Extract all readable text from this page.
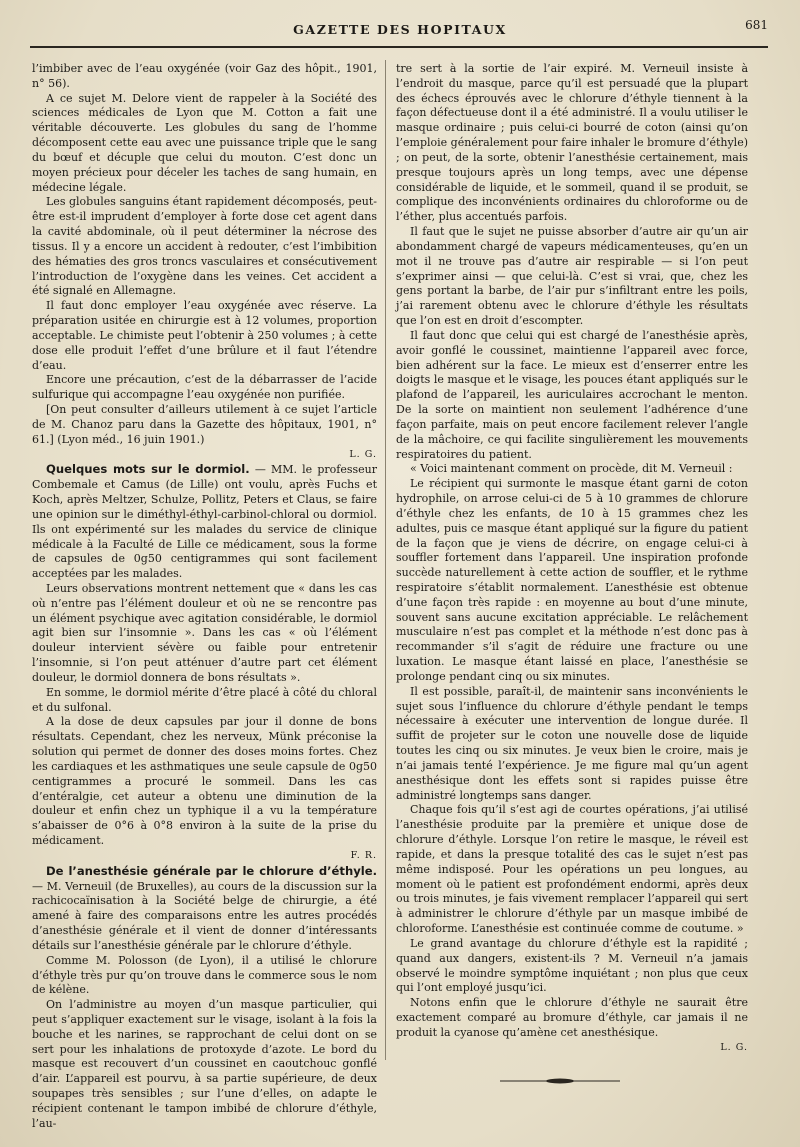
GAZETTE DES HOPITAUX	681

l’imbiber avec de l’eau oxygénée (voir Gaz des hôpit., 1901, n° 56).

A ce sujet M. Delore vient de rappeler à la Société des sciences médicales de Lyon que M. Cotton a fait une véritable découverte. Les globules du sang de l’homme décomposent cette eau avec une puissance triple que le sang du bœuf et décuple que celui du mouton. C’est donc un moyen précieux pour déceler les taches de sang humain, en médecine légale.

Les globules sanguins étant rapidement décomposés, peut-être est-il imprudent d’employer à forte dose cet agent dans la cavité abdominale, où il peut déterminer la nécrose des tissus. Il y a encore un accident à redouter, c’est l’imbibition des hématies des gros troncs vasculaires et consécutivement l’introduction de l’oxygène dans les veines. Cet accident a été signalé en Allemagne.

Il faut donc employer l’eau oxygénée avec réserve. La préparation usitée en chirurgie est à 12 volumes, proportion acceptable. Le chimiste peut l’obtenir à 250 volumes ; à cette dose elle produit l’effet d’une brûlure et il faut l’étendre d’eau.

Encore une précaution, c’est de la débarrasser de l’acide sulfurique qui accompagne l’eau oxygénée non purifiée.

[On peut consulter d’ailleurs utilement à ce sujet l’article de M. Chanoz paru dans la Gazette des hôpitaux, 1901, n° 61.] (Lyon méd., 16 juin 1901.)

L. G.

Quelques mots sur le dormiol. — MM. le professeur Combemale et Camus (de Lille) ont voulu, après Fuchs et Koch, après Meltzer, Schulze, Pollitz, Peters et Claus, se faire une opinion sur le diméthyl-éthyl-carbinol-chloral ou dormiol. Ils ont expérimenté sur les malades du service de clinique médicale à la Faculté de Lille ce médicament, sous la forme de capsules de 0g50 centigrammes qui sont facilement acceptées par les malades.

Leurs observations montrent nettement que « dans les cas où n’entre pas l’élément douleur et où ne se rencontre pas un élément psychique avec agitation considérable, le dormiol agit bien sur l’insomnie ». Dans les cas « où l’élément douleur intervient sévère ou faible pour entretenir l’insomnie, si l’on peut atténuer d’autre part cet élément douleur, le dormiol donnera de bons résultats ».

En somme, le dormiol mérite d’être placé à côté du chloral et du sulfonal.

A la dose de deux capsules par jour il donne de bons résultats. Cependant, chez les nerveux, Münk préconise la solution qui permet de donner des doses moins fortes. Chez les cardiaques et les asthmatiques une seule capsule de 0g50 centigrammes a procuré le sommeil. Dans les cas d’entéralgie, cet auteur a obtenu une diminution de la douleur et enfin chez un typhique il a vu la température s’abaisser de 0°6 à 0°8 environ à la suite de la prise du médicament.

F. R.

De l’anesthésie générale par le chlorure d’éthyle. — M. Verneuil (de Bruxelles), au cours de la discussion sur la rachicocaïnisation à la Société belge de chirurgie, a été amené à faire des comparaisons entre les autres procédés d’anesthésie générale et il vient de donner d’intéressants détails sur l’anesthésie générale par le chlorure d’éthyle.

Comme M. Polosson (de Lyon), il a utilisé le chlorure d’éthyle très pur qu’on trouve dans le commerce sous le nom de kélène.

On l’administre au moyen d’un masque particulier, qui peut s’appliquer exactement sur le visage, isolant à la fois la bouche et les narines, se rapprochant de celui dont on se sert pour les inhalations de protoxyde d’azote. Le bord du masque est recouvert d’un coussinet en caoutchouc gonflé d’air. L’appareil est pourvu, à sa partie supérieure, de deux soupapes très sensibles ; sur l’une d’elles, on adapte le récipient contenant le tampon imbibé de chlorure d’éthyle, l’au-

tre sert à la sortie de l’air expiré. M. Verneuil insiste à l’endroit du masque, parce qu’il est persuadé que la plupart des échecs éprouvés avec le chlorure d’éthyle tiennent à la façon défectueuse dont il a été administré. Il a voulu utiliser le masque ordinaire ; puis celui-ci bourré de coton (ainsi qu’on l’emploie généralement pour faire inhaler le bromure d’éthyle) ; on peut, de la sorte, obtenir l’anesthésie certainement, mais presque toujours après un long temps, avec une dépense considérable de liquide, et le sommeil, quand il se produit, se complique des inconvénients ordinaires du chloroforme ou de l’éther, plus accentués parfois.

Il faut que le sujet ne puisse absorber d’autre air qu’un air abondamment chargé de vapeurs médicamenteuses, qu’en un mot il ne trouve pas d’autre air respirable — si l’on peut s’exprimer ainsi — que celui-là. C’est si vrai, que, chez les gens portant la barbe, de l’air pur s’infiltrant entre les poils, j’ai rarement obtenu avec le chlorure d’éthyle les résultats que l’on est en droit d’escompter.

Il faut donc que celui qui est chargé de l’anesthésie après, avoir gonflé le coussinet, maintienne l’appareil avec force, bien adhérent sur la face. Le mieux est d’enserrer entre les doigts le masque et le visage, les pouces étant appliqués sur le plafond de l’appareil, les auriculaires accrochant le menton. De la sorte on maintient non seulement l’adhérence d’une façon parfaite, mais on peut encore facilement relever l’angle de la mâchoire, ce qui facilite singulièrement les mouvements respiratoires du patient.

« Voici maintenant comment on procède, dit M. Verneuil :

Le récipient qui surmonte le masque étant garni de coton hydrophile, on arrose celui-ci de 5 à 10 grammes de chlorure d’éthyle chez les enfants, de 10 à 15 grammes chez les adultes, puis ce masque étant appliqué sur la figure du patient de la façon que je viens de décrire, on engage celui-ci à souffler fortement dans l’appareil. Une inspiration profonde succède naturellement à cette action de souffler, et le rythme respiratoire s’établit normalement. L’anesthésie est obtenue d’une façon très rapide : en moyenne au bout d’une minute, souvent sans aucune excitation appréciable. Le relâchement musculaire n’est pas complet et la méthode n’est donc pas à recommander s’il s’agit de réduire une fracture ou une luxation. Le masque étant laissé en place, l’anesthésie se prolonge pendant cinq ou six minutes.

Il est possible, paraît-il, de maintenir sans inconvénients le sujet sous l’influence du chlorure d’éthyle pendant le temps nécessaire à exécuter une intervention de longue durée. Il suffit de projeter sur le coton une nouvelle dose de liquide toutes les cinq ou six minutes. Je veux bien le croire, mais je n’ai jamais tenté l’expérience. Je me figure mal qu’un agent anesthésique dont les effets sont si rapides puisse être administré longtemps sans danger.

Chaque fois qu’il s’est agi de courtes opérations, j’ai utilisé l’anesthésie produite par la première et unique dose de chlorure d’éthyle. Lorsque l’on retire le masque, le réveil est rapide, et dans la presque totalité des cas le sujet n’est pas même indisposé. Pour les opérations un peu longues, au moment où le patient est profondément endormi, après deux ou trois minutes, je fais vivement remplacer l’appareil qui sert à administrer le chlorure d’éthyle par un masque imbibé de chloroforme. L’anesthésie est continuée comme de coutume. »

Le grand avantage du chlorure d’éthyle est la rapidité ; quand aux dangers, existent-ils ? M. Verneuil n’a jamais observé le moindre symptôme inquiétant ; non plus que ceux qui l’ont employé jusqu’ici.

Notons enfin que le chlorure d’éthyle ne saurait être exactement comparé au bromure d’éthyle, car jamais il ne produit la cyanose qu’amène cet anesthésique.

L. G.
